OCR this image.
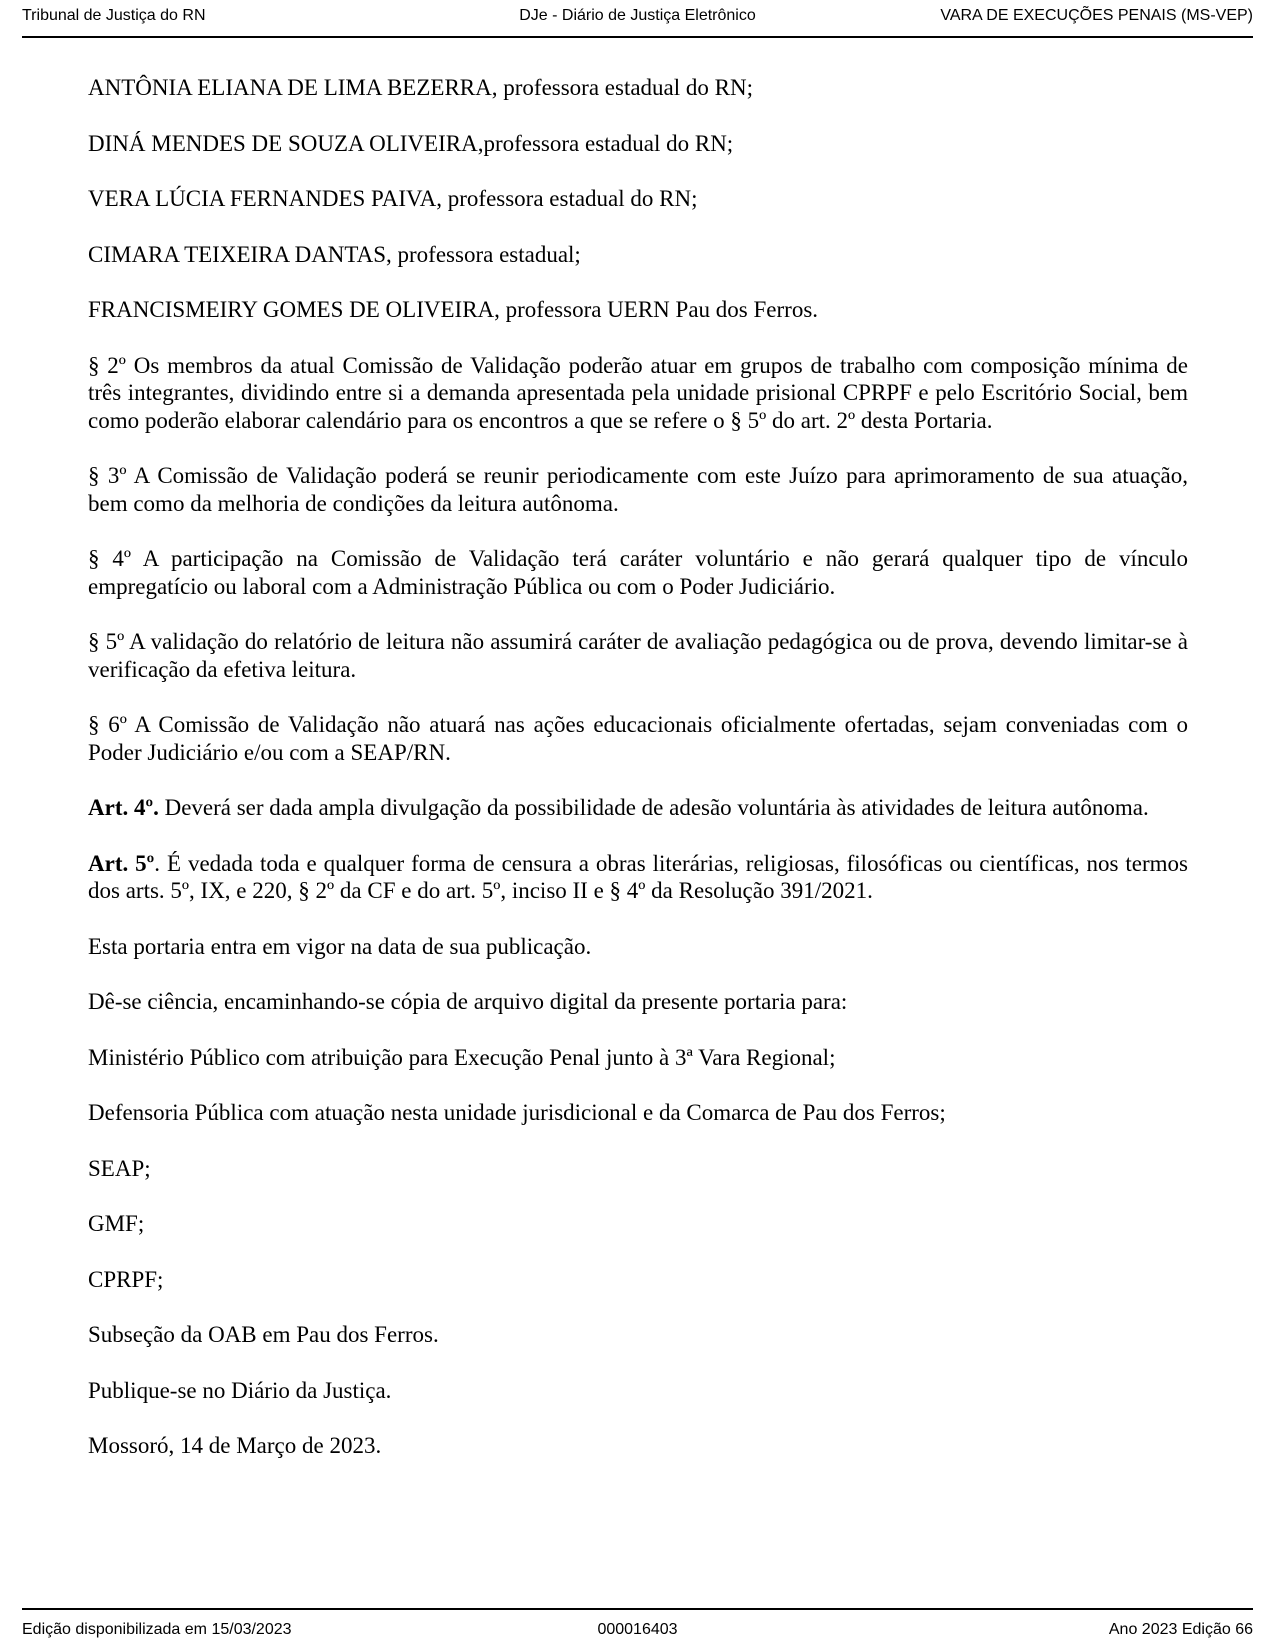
DJe - Diário de Justiça Eletrônico
Tribunal de Justiça do RN	VARA DE EXECUÇÕES PENAIS (MS-VEP)

ANTÔNIA ELIANA DE LIMA BEZERRA, professora estadual do RN;

DINÁ MENDES DE SOUZA OLIVEIRA,professora estadual do RN;

VERA LÚCIA FERNANDES PAIVA, professora estadual do RN;

CIMARA TEIXEIRA DANTAS, professora estadual;

FRANCISMEIRY GOMES DE OLIVEIRA, professora UERN Pau dos Ferros.

§ 2º Os membros da atual Comissão de Validação poderão atuar em grupos de trabalho com composição mínima de três integrantes, dividindo entre si a demanda apresentada pela unidade prisional CPRPF e pelo Escritório Social, bem como poderão elaborar calendário para os encontros a que se refere o § 5º do art. 2º desta Portaria.

§ 3º A Comissão de Validação poderá se reunir periodicamente com este Juízo para aprimoramento de sua atuação, bem como da melhoria de condições da leitura autônoma.

§ 4º A participação na Comissão de Validação terá caráter voluntário e não gerará qualquer tipo de vínculo empregatício ou laboral com a Administração Pública ou com o Poder Judiciário.

§ 5º A validação do relatório de leitura não assumirá caráter de avaliação pedagógica ou de prova, devendo limitar-se à verificação da efetiva leitura.

§ 6º A Comissão de Validação não atuará nas ações educacionais oficialmente ofertadas, sejam conveniadas com o Poder Judiciário e/ou com a SEAP/RN.

Art. 4º. Deverá ser dada ampla divulgação da possibilidade de adesão voluntária às atividades de leitura autônoma.

Art. 5º. É vedada toda e qualquer forma de censura a obras literárias, religiosas, filosóficas ou científicas, nos termos dos arts. 5º, IX, e 220, § 2º da CF e do art. 5º, inciso II e § 4º da Resolução 391/2021.

Esta portaria entra em vigor na data de sua publicação.

Dê-se ciência, encaminhando-se cópia de arquivo digital da presente portaria para:

Ministério Público com atribuição para Execução Penal junto à 3ª Vara Regional;

Defensoria Pública com atuação nesta unidade jurisdicional e da Comarca de Pau dos Ferros;

SEAP;

GMF;

CPRPF;

Subseção da OAB em Pau dos Ferros.

Publique-se no Diário da Justiça.

Mossoró, 14 de Março de 2023.

000016403
Edição disponibilizada em 15/03/2023	Ano 2023 Edição 66
